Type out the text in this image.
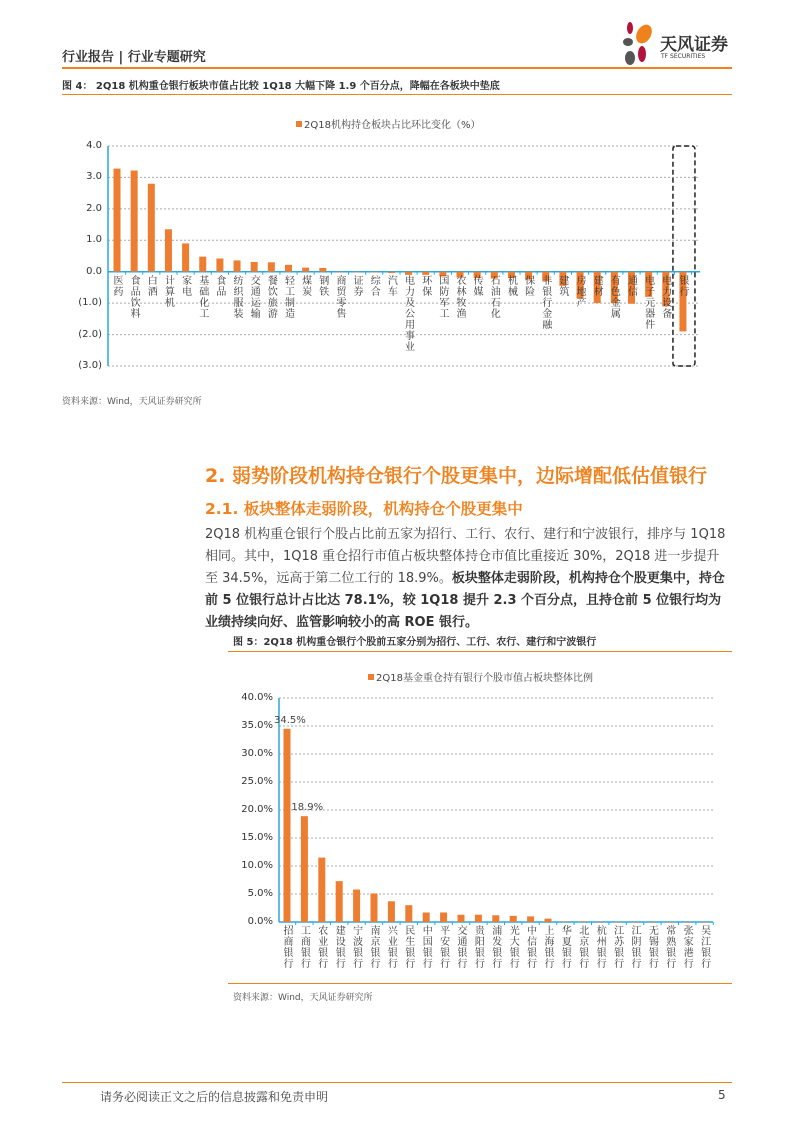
行业报告 | 行业专题研究
天风证券
TF SECURITIES
图 4： 2Q18 机构重仓银行板块市值占比较 1Q18 大幅下降 1.9 个百分点，降幅在各板块中垫底
2Q18机构持仓板块占比环比变化（%）
4.0
3.0
2.0
1.0
0.0
(1.0)
(2.0)
(3.0)
医药 食品饮料 白酒 计算机 家电 基础化工 食品 纺织服装 交通运输 餐饮旅游 轻工制造 煤炭 钢铁 商贸零售 证券 综合 汽车 电力及公用事业 环保 国防军工 农林牧渔 传媒 石油石化 机械 保险 非银行金融 建筑 房地产 建材 有色金属 通信 电子元器件 电力设备 银行
资料来源：Wind，天风证券研究所
2. 弱势阶段机构持仓银行个股更集中，边际增配低估值银行
2.1. 板块整体走弱阶段，机构持仓个股更集中
2Q18 机构重仓银行个股占比前五家为招行、工行、农行、建行和宁波银行，排序与 1Q18 相同。其中，1Q18 重仓招行市值占板块整体持仓市值比重接近 30%，2Q18 进一步提升至 34.5%，远高于第二位工行的 18.9%。板块整体走弱阶段，机构持仓个股更集中，持仓前 5 位银行总计占比达 78.1%，较 1Q18 提升 2.3 个百分点，且持仓前 5 位银行均为业绩持续向好、监管影响较小的高 ROE 银行。
图 5：2Q18 机构重仓银行个股前五家分别为招行、工行、农行、建行和宁波银行
2Q18基金重仓持有银行个股市值占板块整体比例
0.0%
5.0%
10.0%
15.0%
20.0%
25.0%
30.0%
35.0%
40.0%
招商银行 工商银行 农业银行 建设银行 宁波银行 南京银行 兴业银行 民生银行 中国银行 平安银行 交通银行 贵阳银行 浦发银行 光大银行 中信银行 上海银行 华夏银行 北京银行 杭州银行 江苏银行 江阴银行 无锡银行 常熟银行 张家港行 吴江银行
34.5%
18.9%
资料来源：Wind，天风证券研究所
请务必阅读正文之后的信息披露和免责申明	5
